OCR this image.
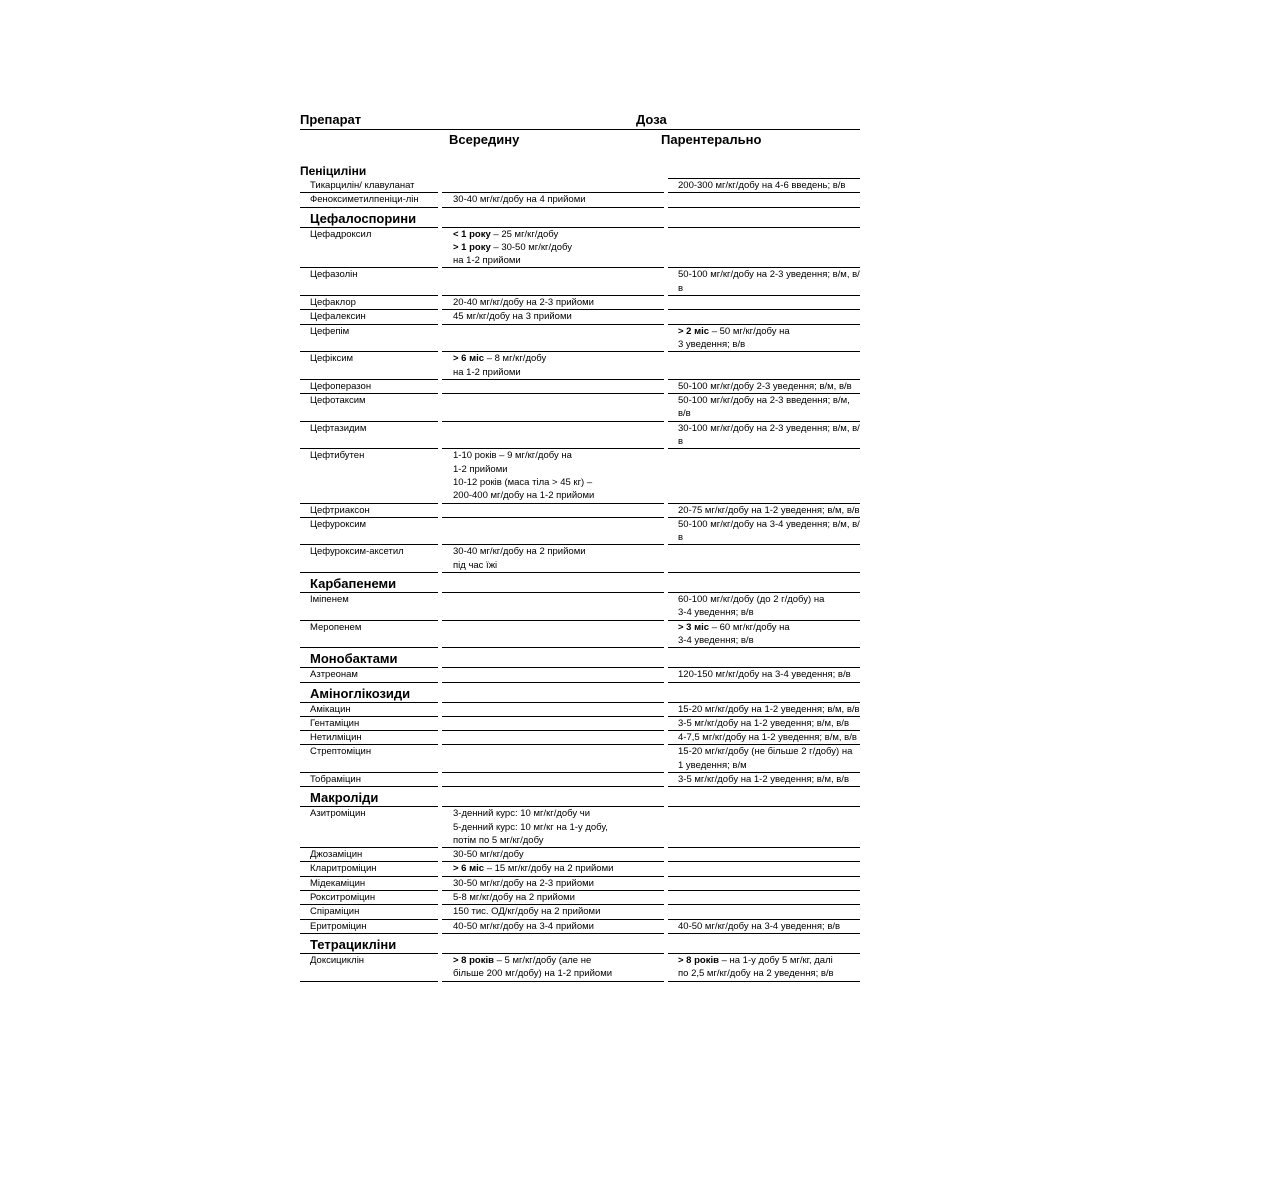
Препарат	Доза
Всередину	Парентерально
Пеніциліни				
Тикарцилін/ клавуланат				200-300 мг/кг/добу на 4-6 введень; в/в
Феноксиметилпеніци-лін		30-40 мг/кг/добу на 4 прийоми		
Цефалоспорини				
Цефадроксил		< 1 року – 25 мг/кг/добу
> 1 року – 30-50 мг/кг/добу
на 1-2 прийоми		
Цефазолін				50-100 мг/кг/добу на 2-3 уведення; в/м, в/в
Цефаклор		20-40 мг/кг/добу на 2-3 прийоми		
Цефалексин		45 мг/кг/добу на 3 прийоми		
Цефепім				> 2 міс – 50 мг/кг/добу на
3 уведення; в/в
Цефіксим		> 6 міс – 8 мг/кг/добу
на 1-2 прийоми		
Цефоперазон				50-100 мг/кг/добу 2-3 уведення; в/м, в/в
Цефотаксим				50-100 мг/кг/добу на 2-3 введення; в/м, в/в
Цефтазидим				30-100 мг/кг/добу на 2-3 уведення; в/м, в/в
Цефтибутен		1-10 років – 9 мг/кг/добу на
1-2 прийоми
10-12 років (маса тіла > 45 кг) –
200-400 мг/добу на 1-2 прийоми		
Цефтриаксон				20-75 мг/кг/добу на 1-2 уведення; в/м, в/в
Цефуроксим				50-100 мг/кг/добу на 3-4 уведення; в/м, в/в
Цефуроксим-аксетил		30-40 мг/кг/добу на 2 прийоми
під час їжі		
Карбапенеми				
Іміпенем				60-100 мг/кг/добу (до 2 г/добу) на
3-4 уведення; в/в
Меропенем				> 3 міс – 60 мг/кг/добу на
3-4 уведення; в/в
Монобактами				
Азтреонам				120-150 мг/кг/добу на 3-4 уведення; в/в
Аміноглікозиди				
Амікацин				15-20 мг/кг/добу на 1-2 уведення; в/м, в/в
Гентаміцин				3-5 мг/кг/добу на 1-2 уведення; в/м, в/в
Нетилміцин				4-7,5 мг/кг/добу на 1-2 уведення; в/м, в/в
Стрептоміцин				15-20 мг/кг/добу (не більше 2 г/добу) на 1 уведення; в/м
Тобраміцин				3-5 мг/кг/добу на 1-2 уведення; в/м, в/в
Макроліди				
Азитроміцин		3-денний курс: 10 мг/кг/добу чи
5-денний курс: 10 мг/кг на 1-у добу,
потім по 5 мг/кг/добу		
Джозаміцин		30-50 мг/кг/добу		
Кларитроміцин		> 6 міс – 15 мг/кг/добу на 2 прийоми		
Мідекаміцин		30-50 мг/кг/добу на 2-3 прийоми		
Рокситроміцин		5-8 мг/кг/добу на 2 прийоми		
Спіраміцин		150 тис. ОД/кг/добу на 2 прийоми		
Еритроміцин		40-50 мг/кг/добу на 3-4 прийоми		40-50 мг/кг/добу на 3-4 уведення; в/в
Тетрацикліни				
Доксициклін		> 8 років – 5 мг/кг/добу (але не
більше 200 мг/добу) на 1-2 прийоми		> 8 років – на 1-у добу 5 мг/кг, далі
по 2,5 мг/кг/добу на 2 уведення; в/в
